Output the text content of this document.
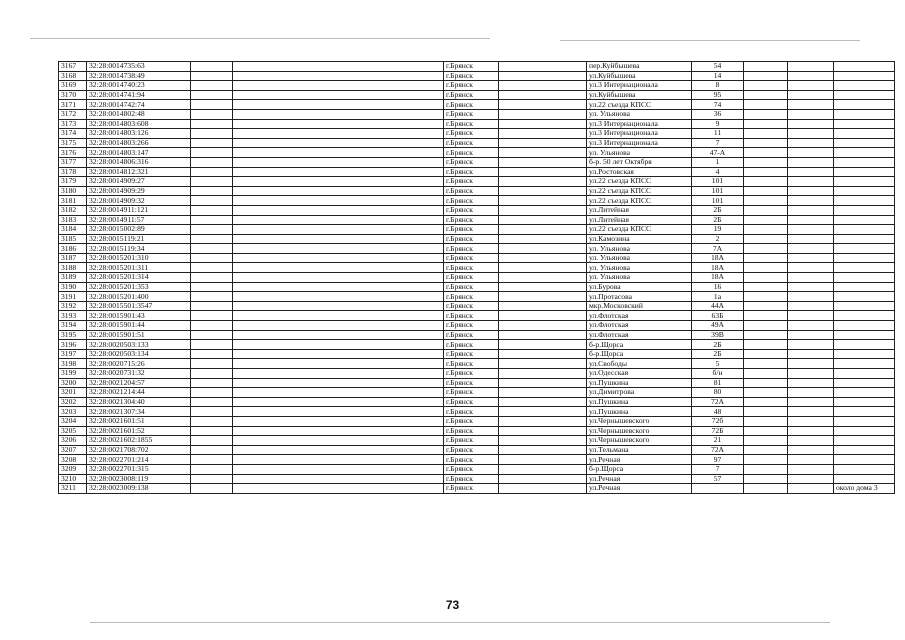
3167	32:28:0014735:63			г.Брянск		пер.Куйбышева	54			
3168	32:28:0014738:49			г.Брянск		ул.Куйбышева	14			
3169	32:28:0014740:23			г.Брянск		ул.3 Интернационала	8			
3170	32:28:0014741:94			г.Брянск		ул.Куйбышева	95			
3171	32:28:0014742:74			г.Брянск		ул.22 съезда КПСС	74			
3172	32:28:0014802:48			г.Брянск		ул. Ульянова	36			
3173	32:28:0014803:608			г.Брянск		ул.3 Интернационала	9			
3174	32:28:0014803:126			г.Брянск		ул.3 Интернационала	11			
3175	32:28:0014803:266			г.Брянск		ул.3 Интернационала	7			
3176	32:28:0014803:147			г.Брянск		ул. Ульянова	47-А			
3177	32:28:0014806:316			г.Брянск		б-р. 50 лет Октября	1			
3178	32:28:0014812:321			г.Брянск		ул.Ростовская	4			
3179	32:28:0014909:27			г.Брянск		ул.22 съезда КПСС	101			
3180	32:28:0014909:29			г.Брянск		ул.22 съезда КПСС	101			
3181	32:28:0014909:32			г.Брянск		ул.22 съезда КПСС	101			
3182	32:28:0014911:121			г.Брянск		ул.Литейная	2Б			
3183	32:28:0014911:57			г.Брянск		ул.Литейная	2Б			
3184	32:28:0015002:89			г.Брянск		ул.22 съезда КПСС	19			
3185	32:28:0015119:21			г.Брянск		ул.Камозина	2			
3186	32:28:0015119:34			г.Брянск		ул. Ульянова	7А			
3187	32:28:0015201:310			г.Брянск		ул. Ульянова	18А			
3188	32:28:0015201:311			г.Брянск		ул. Ульянова	18А			
3189	32:28:0015201:314			г.Брянск		ул. Ульянова	18А			
3190	32:28:0015201:353			г.Брянск		ул.Бурова	16			
3191	32:28:0015201:400			г.Брянск		ул.Протасова	1а			
3192	32:28:0015501:3547			г.Брянск		мкр.Московский	44А			
3193	32:28:0015901:43			г.Брянск		ул.Флотская	63Б			
3194	32:28:0015901:44			г.Брянск		ул.Флотская	49А			
3195	32:28:0015901:51			г.Брянск		ул.Флотская	39В			
3196	32:28:0020503:133			г.Брянск		б-р.Щорса	2Б			
3197	32:28:0020503:134			г.Брянск		б-р.Щорса	2Б			
3198	32:28:0020715:26			г.Брянск		ул.Свободы	5			
3199	32:28:0020731:32			г.Брянск		ул.Одесская	б/н			
3200	32:28:0021204:57			г.Брянск		ул.Пушкина	81			
3201	32:28:0021214:44			г.Брянск		ул.Димитрова	80			
3202	32:28:0021304:40			г.Брянск		ул.Пушкина	72А			
3203	32:28:0021307:34			г.Брянск		ул.Пушкина	48			
3204	32:28:0021601:51			г.Брянск		ул.Чернышевского	72б			
3205	32:28:0021601:52			г.Брянск		ул.Чернышевского	72Б			
3206	32:28:0021602:1855			г.Брянск		ул.Чернышевского	21			
3207	32:28:0021708:702			г.Брянск		ул.Тельмана	72А			
3208	32:28:0022701:214			г.Брянск		ул.Речная	97			
3209	32:28:0022701:315			г.Брянск		б-р.Щорса	7			
3210	32:28:0023008:119			г.Брянск		ул.Речная	57			
3211	32:28:0023009:138			г.Брянск		ул.Речная				около дома 3
73
